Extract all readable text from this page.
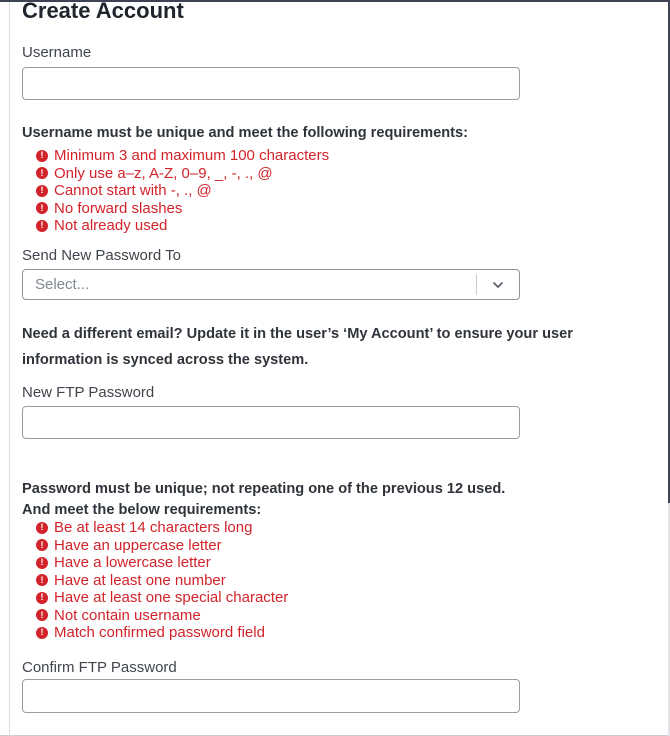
Create Account
Username
Username must be unique and meet the following requirements:
! Minimum 3 and maximum 100 characters
! Only use a–z, A-Z, 0–9, _, -, ., @
! Cannot start with -, ., @
! No forward slashes
! Not already used
Send New Password To
Select...
Need a different email? Update it in the user’s ‘My Account’ to ensure your user
information is synced across the system.
New FTP Password
Password must be unique; not repeating one of the previous 12 used.
And meet the below requirements:
! Be at least 14 characters long
! Have an uppercase letter
! Have a lowercase letter
! Have at least one number
! Have at least one special character
! Not contain username
! Match confirmed password field
Confirm FTP Password
